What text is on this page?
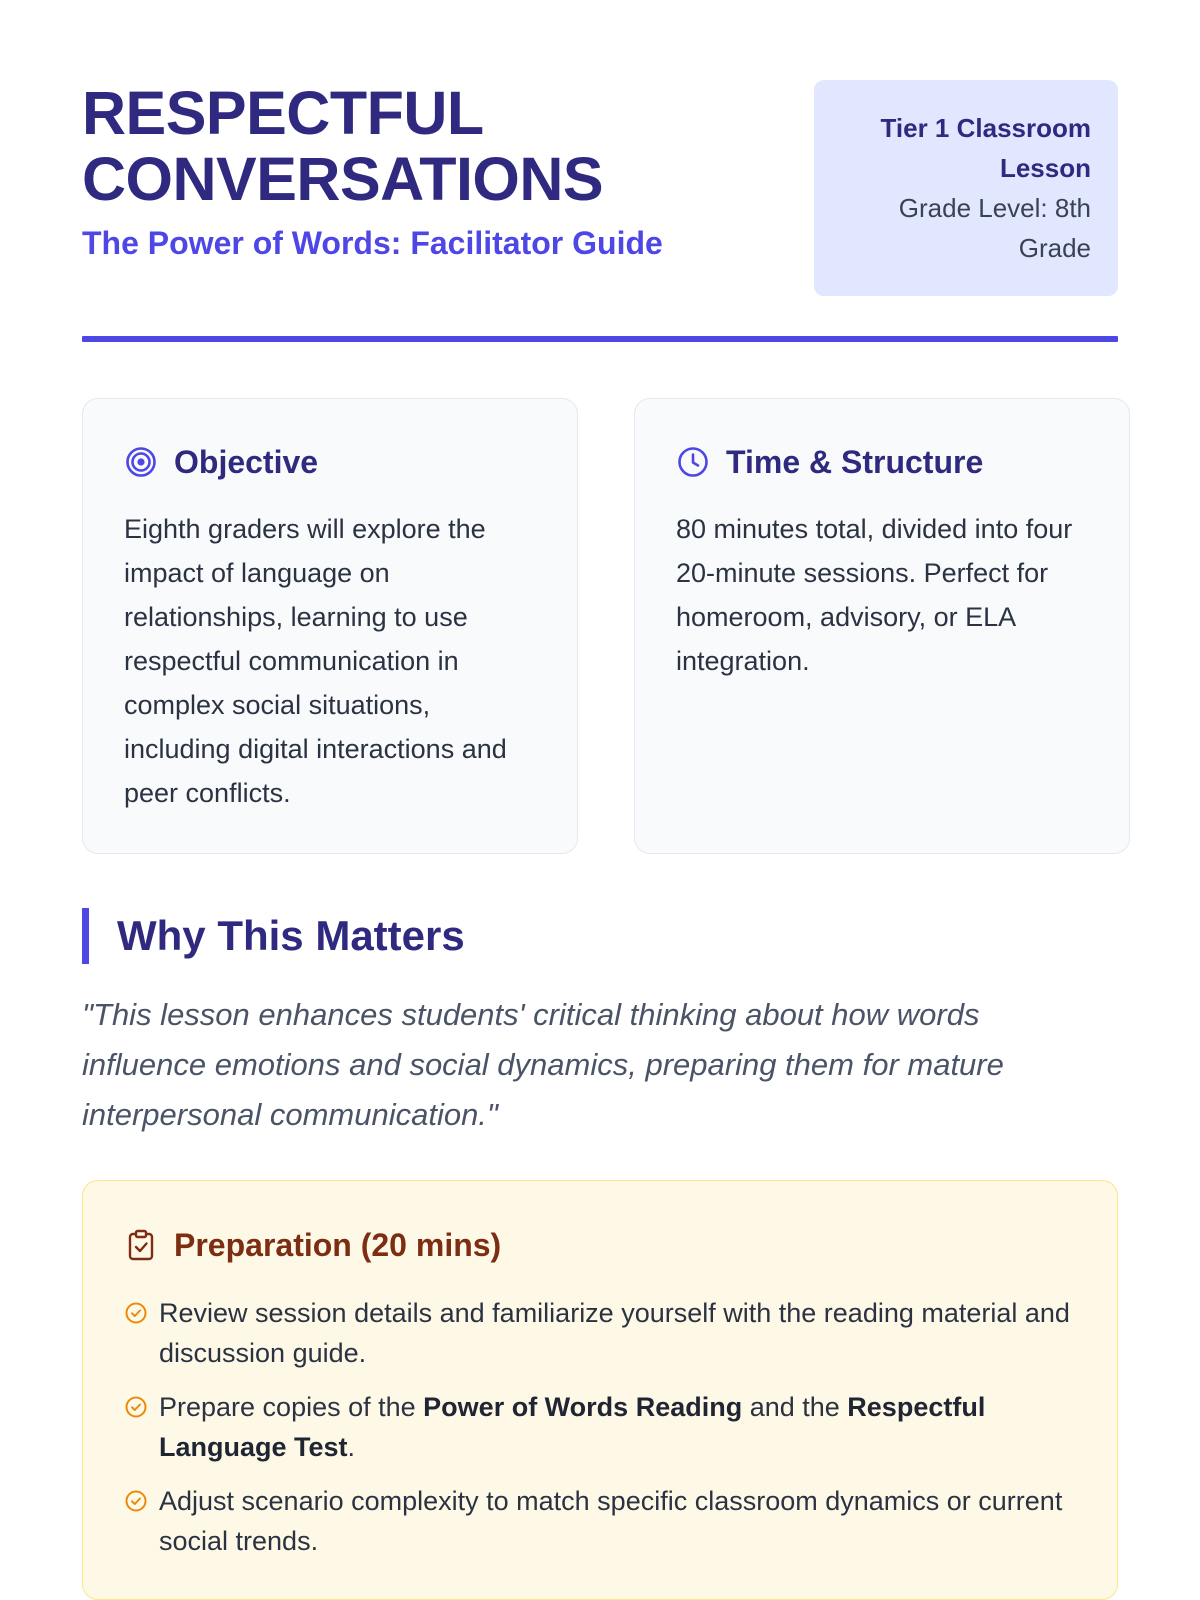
RESPECTFUL
CONVERSATIONS
The Power of Words: Facilitator Guide
Tier 1 Classroom Lesson
Grade Level: 8th Grade
Objective

Eighth graders will explore the impact of language on relationships, learning to use respectful communication in complex social situations, including digital interactions and peer conflicts.

Time & Structure

80 minutes total, divided into four 20-minute sessions. Perfect for homeroom, advisory, or ELA integration.

Why This Matters

"This lesson enhances students' critical thinking about how words influence emotions and social dynamics, preparing them for mature interpersonal communication."

Preparation (20 mins)
Review session details and familiarize yourself with the reading material and discussion guide.
Prepare copies of the Power of Words Reading and the Respectful Language Test.
Adjust scenario complexity to match specific classroom dynamics or current social trends.
